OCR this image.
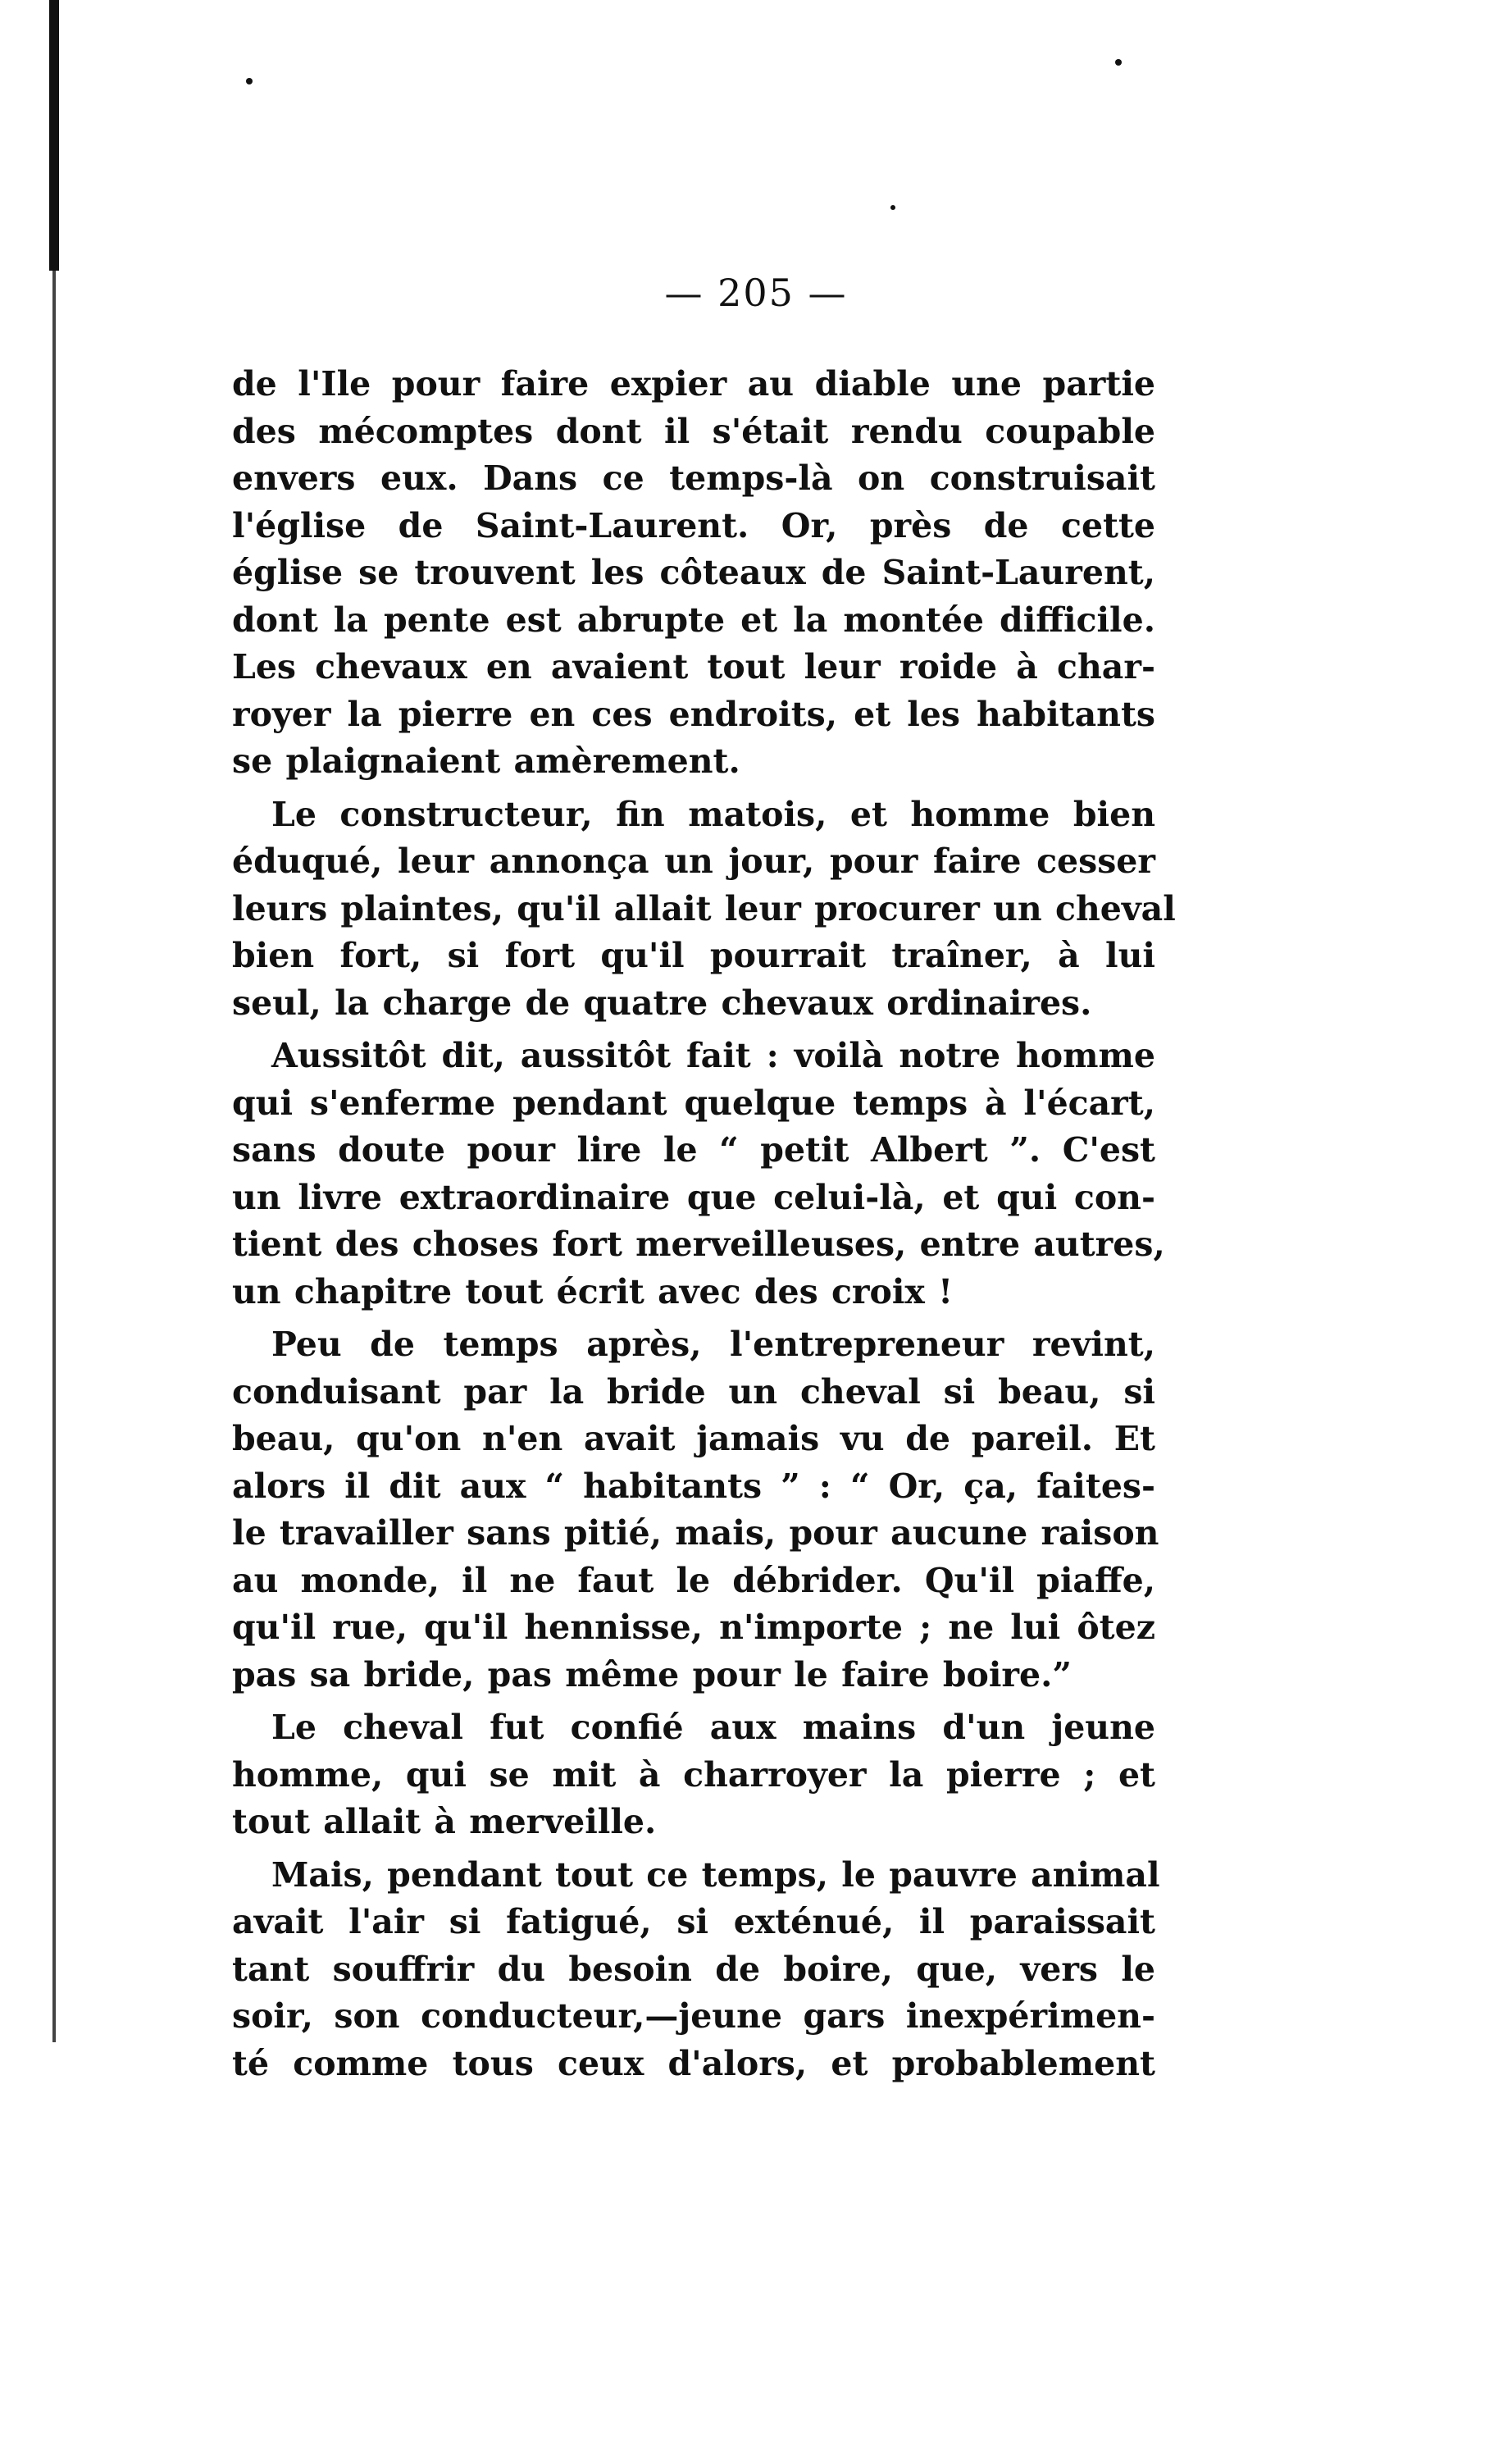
— 205 —
de l'Ile pour faire expier au diable une partie
des mécomptes dont il s'était rendu coupable
envers eux. Dans ce temps-là on construisait
l'église de Saint-Laurent. Or, près de cette
église se trouvent les côteaux de Saint-Laurent,
dont la pente est abrupte et la montée difficile.
Les chevaux en avaient tout leur roide à char-
royer la pierre en ces endroits, et les habitants
se plaignaient amèrement.
Le constructeur, fin matois, et homme bien
éduqué, leur annonça un jour, pour faire cesser
leurs plaintes, qu'il allait leur procurer un cheval
bien fort, si fort qu'il pourrait traîner, à lui
seul, la charge de quatre chevaux ordinaires.
Aussitôt dit, aussitôt fait : voilà notre homme
qui s'enferme pendant quelque temps à l'écart,
sans doute pour lire le “ petit Albert ”. C'est
un livre extraordinaire que celui-là, et qui con-
tient des choses fort merveilleuses, entre autres,
un chapitre tout écrit avec des croix !
Peu de temps après, l'entrepreneur revint,
conduisant par la bride un cheval si beau, si
beau, qu'on n'en avait jamais vu de pareil. Et
alors il dit aux “ habitants ” : “ Or, ça, faites-
le travailler sans pitié, mais, pour aucune raison
au monde, il ne faut le débrider. Qu'il piaffe,
qu'il rue, qu'il hennisse, n'importe ; ne lui ôtez
pas sa bride, pas même pour le faire boire.”
Le cheval fut confié aux mains d'un jeune
homme, qui se mit à charroyer la pierre ; et
tout allait à merveille.
Mais, pendant tout ce temps, le pauvre animal
avait l'air si fatigué, si exténué, il paraissait
tant souffrir du besoin de boire, que, vers le
soir, son conducteur,—jeune gars inexpérimen-
té comme tous ceux d'alors, et probablement
